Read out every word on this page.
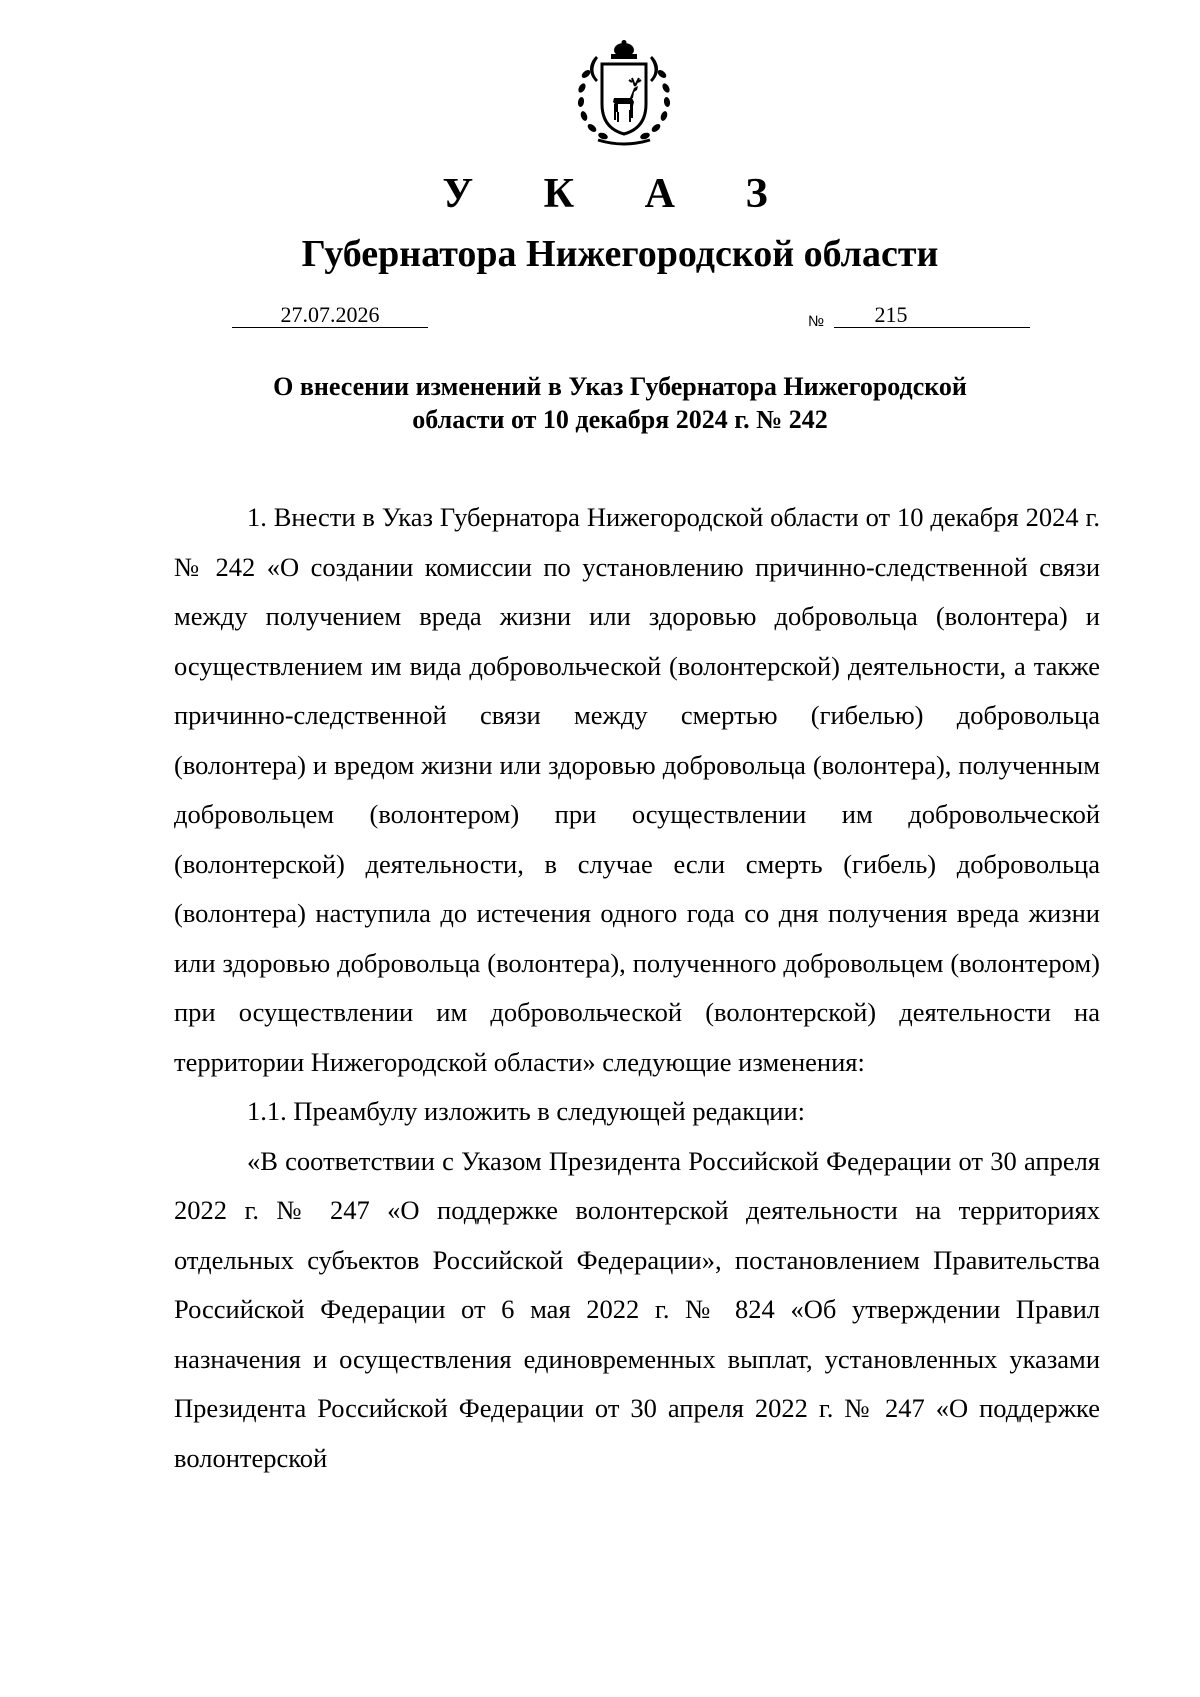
У К А З
Губернатора Нижегородской области
27.07.2026	№	215
О внесении изменений в Указ Губернатора Нижегородской
области от 10 декабря 2024 г. № 242

1. Внести в Указ Губернатора Нижегородской области от 10 декабря 2024 г. № 242 «О создании комиссии по установлению причинно-следственной связи между получением вреда жизни или здоровью добровольца (волонтера) и осуществлением им вида добровольческой (волонтерской) деятельности, а также причинно-следственной связи между смертью (гибелью) добровольца (волонтера) и вредом жизни или здоровью добровольца (волонтера), полученным добровольцем (волонтером) при осуществлении им добровольческой (волонтерской) деятельности, в случае если смерть (гибель) добровольца (волонтера) наступила до истечения одного года со дня получения вреда жизни или здоровью добровольца (волонтера), полученного добровольцем (волонтером) при осуществлении им добровольческой (волонтерской) деятельности на территории Нижегородской области» следующие изменения:

1.1. Преамбулу изложить в следующей редакции:

«В соответствии с Указом Президента Российской Федерации от 30 апреля 2022 г. № 247 «О поддержке волонтерской деятельности на территориях отдельных субъектов Российской Федерации», постановлением Правительства Российской Федерации от 6 мая 2022 г. № 824 «Об утверждении Правил назначения и осуществления единовременных выплат, установленных указами Президента Российской Федерации от 30 апреля 2022 г. № 247 «О поддержке волонтерской
